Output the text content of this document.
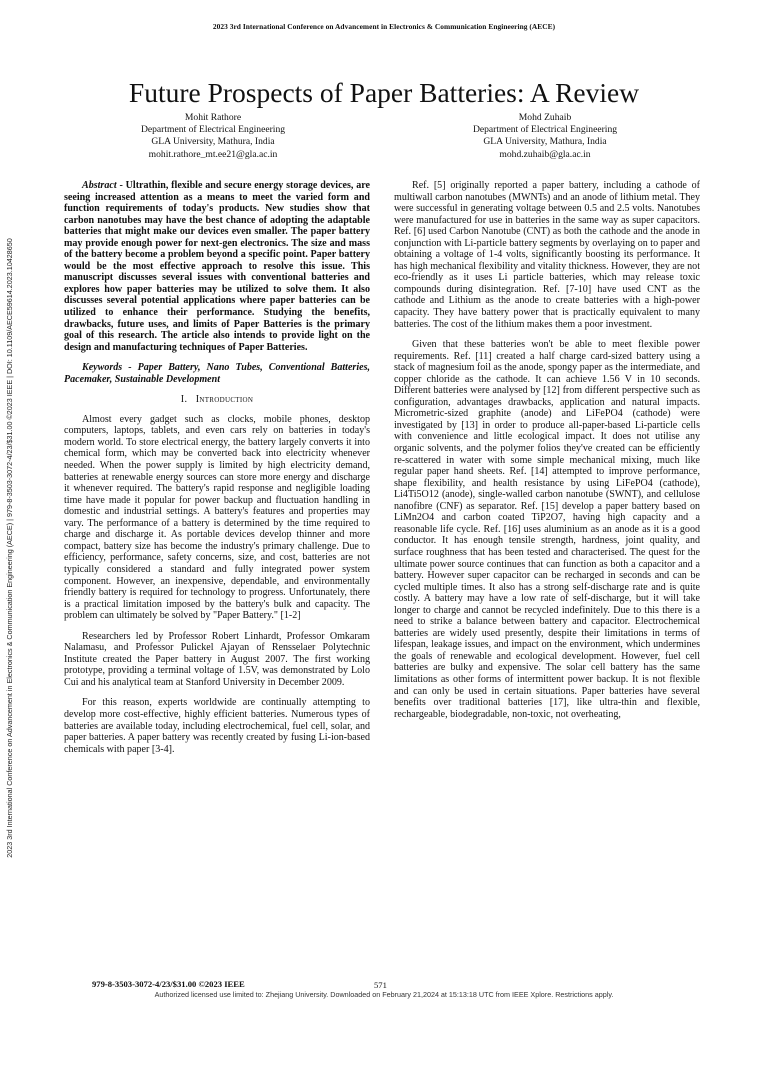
2023 3rd International Conference on Advancement in Electronics & Communication Engineering (AECE)
Future Prospects of Paper Batteries: A Review
Mohit Rathore
Department of Electrical Engineering
GLA University, Mathura, India
mohit.rathore_mt.ee21@gla.ac.in
Mohd Zuhaib
Department of Electrical Engineering
GLA University, Mathura, India
mohd.zuhaib@gla.ac.in
2023 3rd International Conference on Advancement in Electronics & Communication Engineering (AECE) | 979-8-3503-3072-4/23/$31.00 ©2023 IEEE | DOI: 10.1109/AECE59614.2023.10428650

Abstract - Ultrathin, flexible and secure energy storage devices, are seeing increased attention as a means to meet the varied form and function requirements of today's products. New studies show that carbon nanotubes may have the best chance of adopting the adaptable batteries that might make our devices even smaller. The paper battery may provide enough power for next-gen electronics. The size and mass of the battery become a problem beyond a specific point. Paper battery would be the most effective approach to resolve this issue. This manuscript discusses several issues with conventional batteries and explores how paper batteries may be utilized to solve them. It also discusses several potential applications where paper batteries can be utilized to enhance their performance. Studying the benefits, drawbacks, future uses, and limits of Paper Batteries is the primary goal of this research. The article also intends to provide light on the design and manufacturing techniques of Paper Batteries.

Keywords - Paper Battery, Nano Tubes, Conventional Batteries, Pacemaker, Sustainable Development

I. Introduction

Almost every gadget such as clocks, mobile phones, desktop computers, laptops, tablets, and even cars rely on batteries in today's modern world. To store electrical energy, the battery largely converts it into chemical form, which may be converted back into electricity whenever needed. When the power supply is limited by high electricity demand, batteries at renewable energy sources can store more energy and discharge it whenever required. The battery's rapid response and negligible loading time have made it popular for power backup and fluctuation handling in domestic and industrial settings. A battery's features and properties may vary. The performance of a battery is determined by the time required to charge and discharge it. As portable devices develop thinner and more compact, battery size has become the industry's primary challenge. Due to efficiency, performance, safety concerns, size, and cost, batteries are not typically considered a standard and fully integrated power system component. However, an inexpensive, dependable, and environmentally friendly battery is required for technology to progress. Unfortunately, there is a practical limitation imposed by the battery's bulk and capacity. The problem can ultimately be solved by "Paper Battery." [1-2]

Researchers led by Professor Robert Linhardt, Professor Omkaram Nalamasu, and Professor Pulickel Ajayan of Rensselaer Polytechnic Institute created the Paper battery in August 2007. The first working prototype, providing a terminal voltage of 1.5V, was demonstrated by Lolo Cui and his analytical team at Stanford University in December 2009.

For this reason, experts worldwide are continually attempting to develop more cost-effective, highly efficient batteries. Numerous types of batteries are available today, including electrochemical, fuel cell, solar, and paper batteries. A paper battery was recently created by fusing Li-ion-based chemicals with paper [3-4].

Ref. [5] originally reported a paper battery, including a cathode of multiwall carbon nanotubes (MWNTs) and an anode of lithium metal. They were successful in generating voltage between 0.5 and 2.5 volts. Nanotubes were manufactured for use in batteries in the same way as super capacitors. Ref. [6] used Carbon Nanotube (CNT) as both the cathode and the anode in conjunction with Li-particle battery segments by overlaying on to paper and obtaining a voltage of 1-4 volts, significantly boosting its performance. It has high mechanical flexibility and vitality thickness. However, they are not eco-friendly as it uses Li particle batteries, which may release toxic compounds during disintegration. Ref. [7-10] have used CNT as the cathode and Lithium as the anode to create batteries with a high-power capacity. They have battery power that is practically equivalent to many batteries. The cost of the lithium makes them a poor investment.

Given that these batteries won't be able to meet flexible power requirements. Ref. [11] created a half charge card-sized battery using a stack of magnesium foil as the anode, spongy paper as the intermediate, and copper chloride as the cathode. It can achieve 1.56 V in 10 seconds. Different batteries were analysed by [12] from different perspective such as configuration, advantages drawbacks, application and natural impacts. Micrometric-sized graphite (anode) and LiFePO4 (cathode) were investigated by [13] in order to produce all-paper-based Li-particle cells with convenience and little ecological impact. It does not utilise any organic solvents, and the polymer folios they've created can be efficiently re-scattered in water with some simple mechanical mixing, much like regular paper hand sheets. Ref. [14] attempted to improve performance, shape flexibility, and health resistance by using LiFePO4 (cathode), Li4Ti5O12 (anode), single-walled carbon nanotube (SWNT), and cellulose nanofibre (CNF) as separator. Ref. [15] develop a paper battery based on LiMn2O4 and carbon coated TiP2O7, having high capacity and a reasonable life cycle. Ref. [16] uses aluminium as an anode as it is a good conductor. It has enough tensile strength, hardness, joint quality, and surface roughness that has been tested and characterised. The quest for the ultimate power source continues that can function as both a capacitor and a battery. However super capacitor can be recharged in seconds and can be cycled multiple times. It also has a strong self-discharge rate and is quite costly. A battery may have a low rate of self-discharge, but it will take longer to charge and cannot be recycled indefinitely. Due to this there is a need to strike a balance between battery and capacitor. Electrochemical batteries are widely used presently, despite their limitations in terms of lifespan, leakage issues, and impact on the environment, which undermines the goals of renewable and ecological development. However, fuel cell batteries are bulky and expensive. The solar cell battery has the same limitations as other forms of intermittent power backup. It is not flexible and can only be used in certain situations. Paper batteries have several benefits over traditional batteries [17], like ultra-thin and flexible, rechargeable, biodegradable, non-toxic, not overheating,

979-8-3503-3072-4/23/$31.00 ©2023 IEEE	571
Authorized licensed use limited to: Zhejiang University. Downloaded on February 21,2024 at 15:13:18 UTC from IEEE Xplore. Restrictions apply.
